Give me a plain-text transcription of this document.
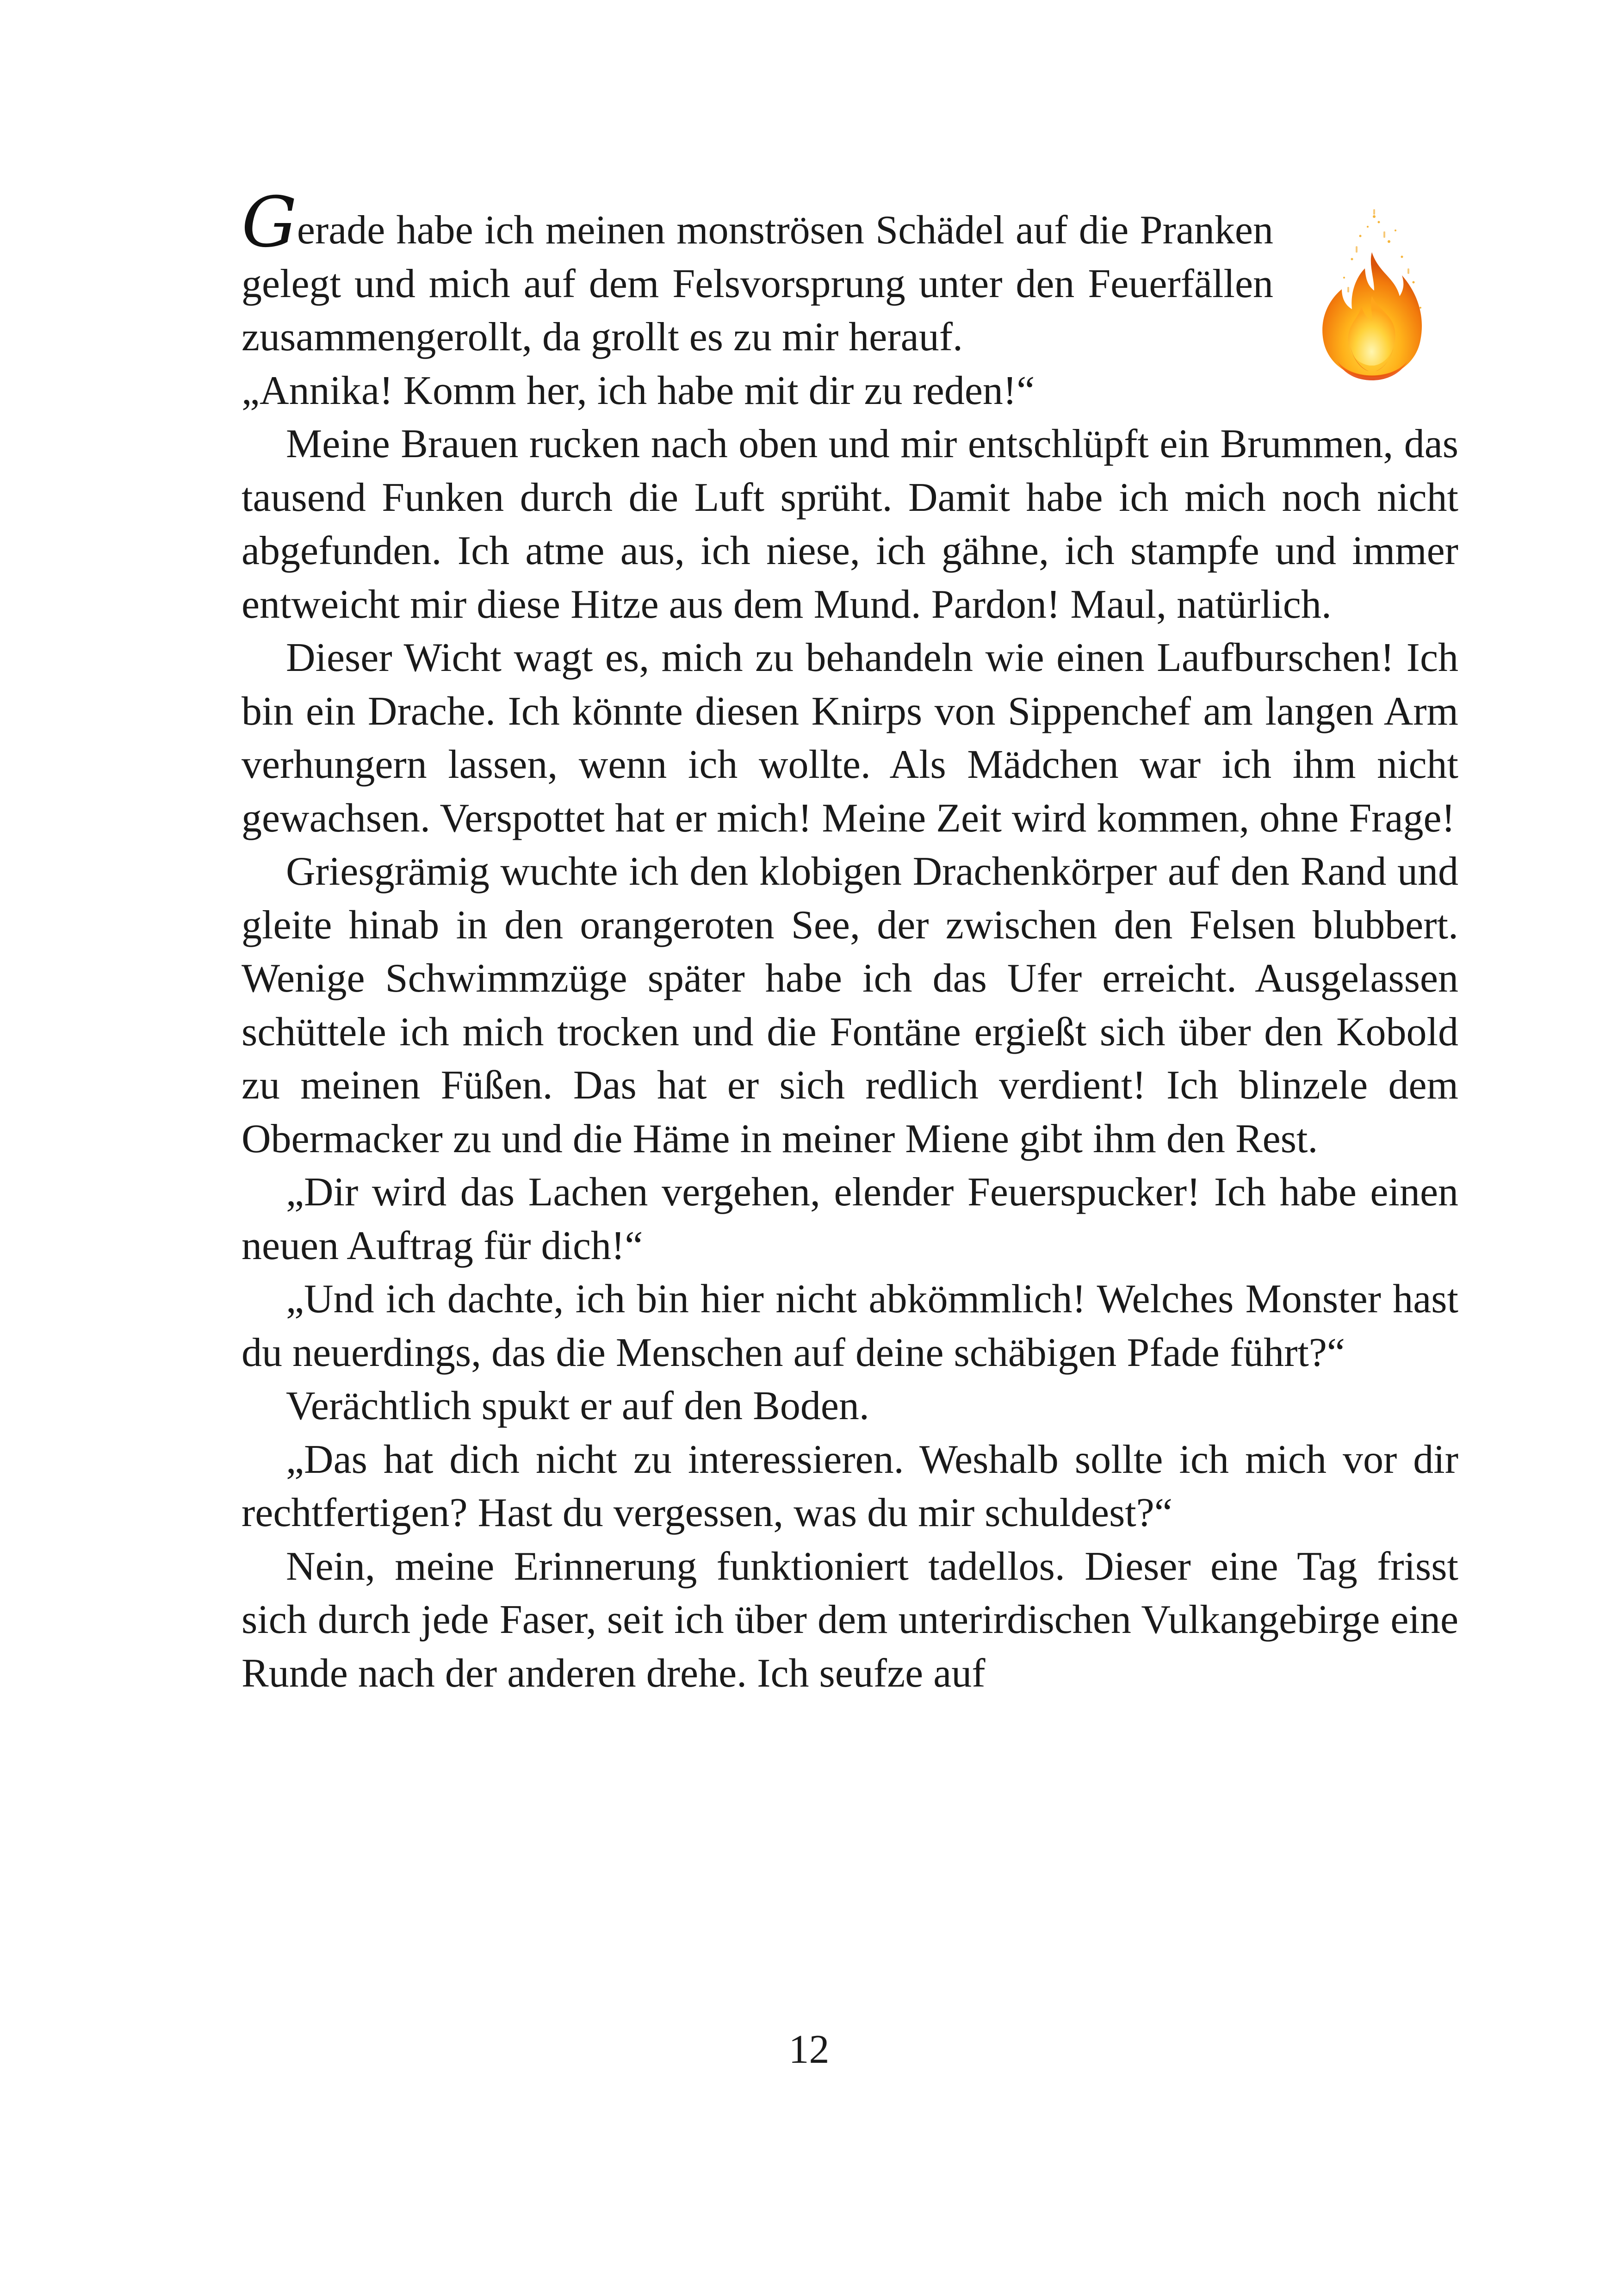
Gerade habe ich meinen monströsen Schädel auf die Pranken gelegt und mich auf dem Felsvorsprung unter den Feuerfällen zusammengerollt, da grollt es zu mir herauf.

„Annika! Komm her, ich habe mit dir zu reden!“

Meine Brauen rucken nach oben und mir entschlüpft ein Brummen, das tausend Funken durch die Luft sprüht. Damit habe ich mich noch nicht abgefunden. Ich atme aus, ich niese, ich gähne, ich stampfe und immer entweicht mir diese Hitze aus dem Mund. Pardon! Maul, natürlich.

Dieser Wicht wagt es, mich zu behandeln wie einen Laufburschen! Ich bin ein Drache. Ich könnte diesen Knirps von Sippenchef am langen Arm verhungern lassen, wenn ich wollte. Als Mädchen war ich ihm nicht gewachsen. Verspottet hat er mich! Meine Zeit wird kommen, ohne Frage!

Griesgrämig wuchte ich den klobigen Drachenkörper auf den Rand und gleite hinab in den orangeroten See, der zwischen den Felsen blubbert. Wenige Schwimmzüge später habe ich das Ufer erreicht. Ausgelassen schüttele ich mich trocken und die Fontäne ergießt sich über den Kobold zu meinen Füßen. Das hat er sich redlich verdient! Ich blinzele dem Obermacker zu und die Häme in meiner Miene gibt ihm den Rest.

„Dir wird das Lachen vergehen, elender Feuerspucker! Ich habe einen neuen Auftrag für dich!“

„Und ich dachte, ich bin hier nicht abkömmlich! Welches Monster hast du neuerdings, das die Menschen auf deine schäbigen Pfade führt?“

Verächtlich spukt er auf den Boden.

„Das hat dich nicht zu interessieren. Weshalb sollte ich mich vor dir rechtfertigen? Hast du vergessen, was du mir schuldest?“

Nein, meine Erinnerung funktioniert tadellos. Dieser eine Tag frisst sich durch jede Faser, seit ich über dem unterirdischen Vulkangebirge eine Runde nach der anderen drehe. Ich seufze auf

12
